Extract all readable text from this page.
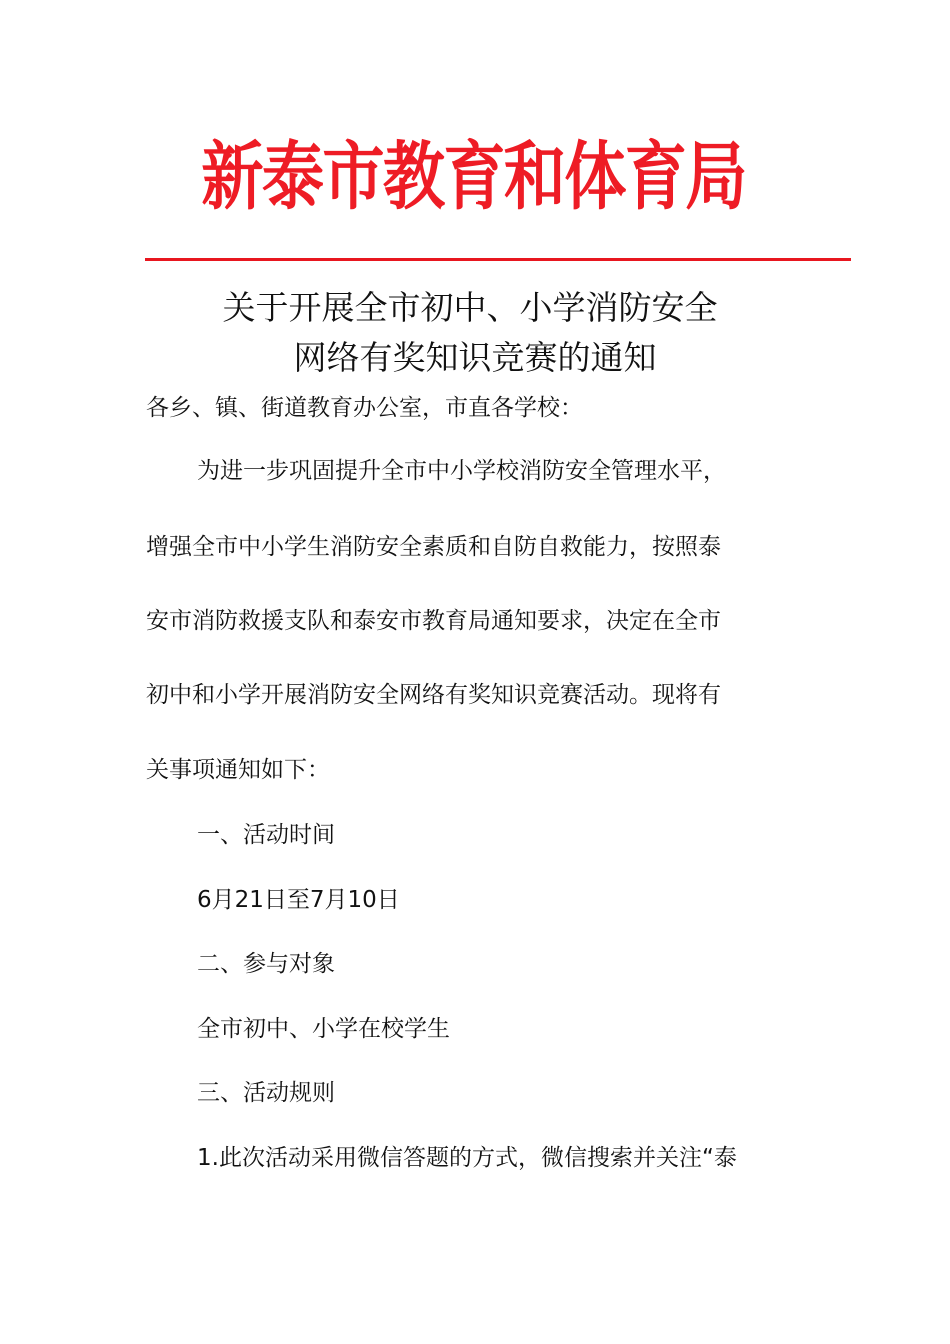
新泰市教育和体育局
关于开展全市初中、小学消防安全
网络有奖知识竞赛的通知
各乡、镇、街道教育办公室，市直各学校：
为进一步巩固提升全市中小学校消防安全管理水平，
增强全市中小学生消防安全素质和自防自救能力，按照泰
安市消防救援支队和泰安市教育局通知要求，决定在全市
初中和小学开展消防安全网络有奖知识竞赛活动。现将有
关事项通知如下：
一、活动时间
6月21日至7月10日
二、参与对象
全市初中、小学在校学生
三、活动规则
1.此次活动采用微信答题的方式，微信搜索并关注“泰
